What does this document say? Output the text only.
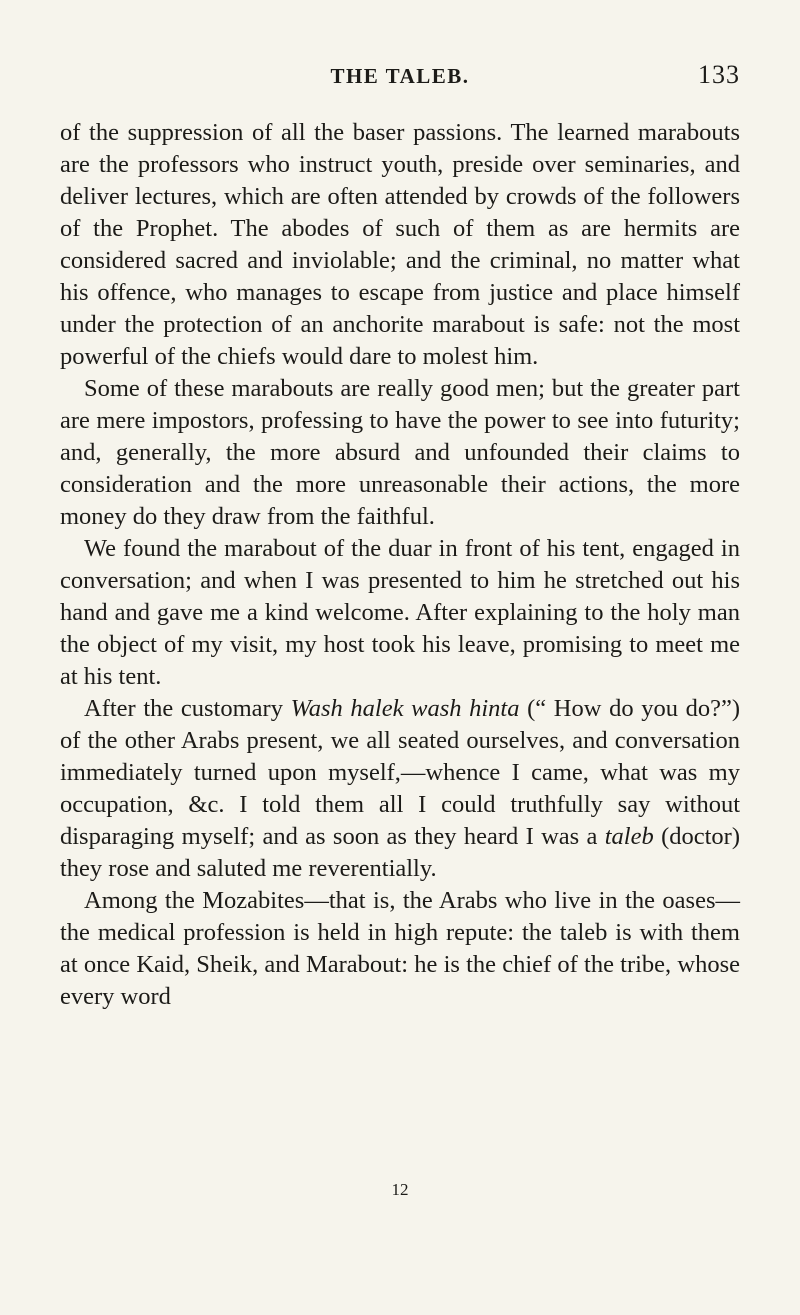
THE TALEB.	133

of the suppression of all the baser passions. The learned marabouts are the professors who instruct youth, preside over seminaries, and deliver lectures, which are often attended by crowds of the followers of the Prophet. The abodes of such of them as are hermits are considered sacred and inviolable; and the criminal, no matter what his offence, who manages to escape from justice and place himself under the protection of an anchorite marabout is safe: not the most powerful of the chiefs would dare to molest him.

Some of these marabouts are really good men; but the greater part are mere impostors, professing to have the power to see into futurity; and, generally, the more absurd and unfounded their claims to consideration and the more unreasonable their actions, the more money do they draw from the faithful.

We found the marabout of the duar in front of his tent, engaged in conversation; and when I was presented to him he stretched out his hand and gave me a kind welcome. After explaining to the holy man the object of my visit, my host took his leave, promising to meet me at his tent.

After the customary Wash halek wash hinta (“ How do you do?”) of the other Arabs present, we all seated ourselves, and conversation immediately turned upon myself,—whence I came, what was my occupation, &c. I told them all I could truthfully say without disparaging myself; and as soon as they heard I was a taleb (doctor) they rose and saluted me reverentially.

Among the Mozabites—that is, the Arabs who live in the oases—the medical profession is held in high repute: the taleb is with them at once Kaid, Sheik, and Marabout: he is the chief of the tribe, whose every word

12
